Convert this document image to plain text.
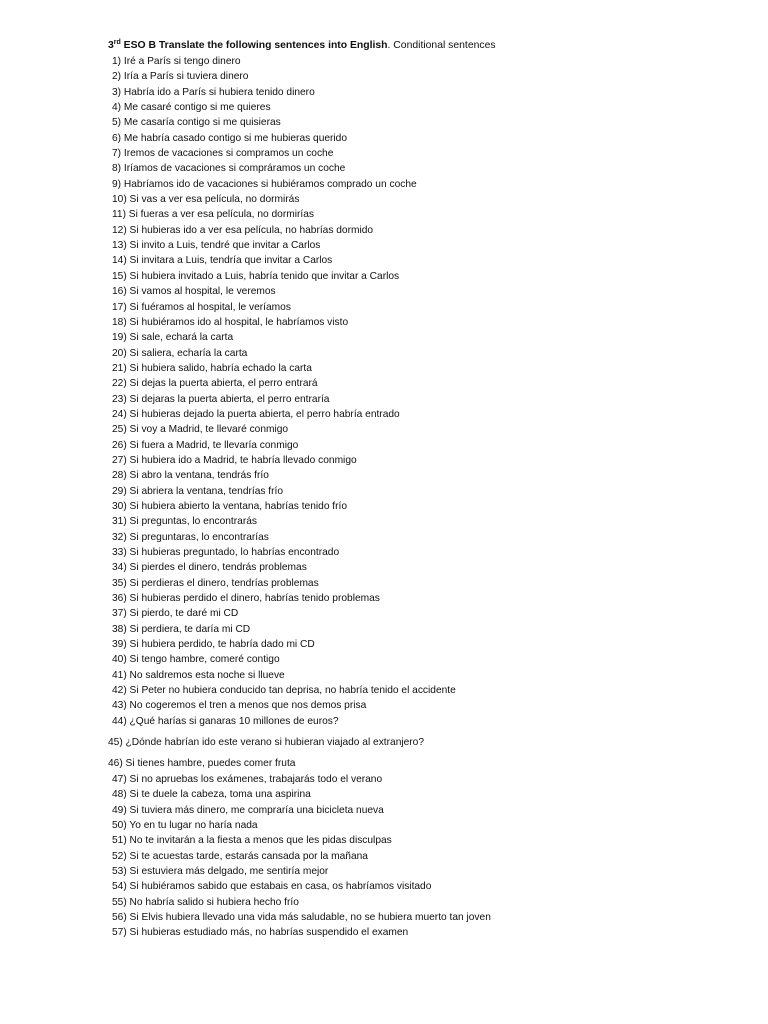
3rd ESO B Translate the following sentences into English. Conditional sentences
1) Iré a París si tengo dinero
2) Iría a París si tuviera dinero
3) Habría ido a París si hubiera tenido dinero
4) Me casaré contigo si me quieres
5) Me casaría contigo si me quisieras
6) Me habría casado contigo si me hubieras querido
7) Iremos de vacaciones si compramos un coche
8) Iríamos de vacaciones si compráramos un coche
9) Habríamos ido de vacaciones si hubiéramos comprado un coche
10) Si vas a ver esa película, no dormirás
11) Si fueras a ver esa película, no dormirías
12) Si hubieras ido a ver esa película, no habrías dormido
13) Si invito a Luis, tendré que invitar a Carlos
14) Si invitara a Luis, tendría que invitar a Carlos
15) Si hubiera invitado a Luis, habría tenido que invitar a Carlos
16) Si vamos al hospital, le veremos
17) Si fuéramos al hospital, le veríamos
18) Si hubiéramos ido al hospital, le habríamos visto
19) Si sale, echará la carta
20) Si saliera, echaría la carta
21) Si hubiera salido, habría echado la carta
22) Si dejas la puerta abierta, el perro entrará
23) Si dejaras la puerta abierta, el perro entraría
24) Si hubieras dejado la puerta abierta, el perro habría entrado
25) Si voy a Madrid, te llevaré conmigo
26) Si fuera a Madrid, te llevaría conmigo
27) Si hubiera ido a Madrid, te habría llevado conmigo
28) Si abro la ventana, tendrás frío
29) Si abriera la ventana, tendrías frío
30) Si hubiera abierto la ventana, habrías tenido frío
31) Si preguntas, lo encontrarás
32) Si preguntaras, lo encontrarías
33) Si hubieras preguntado, lo habrías encontrado
34) Si pierdes el dinero, tendrás problemas
35) Si perdieras el dinero, tendrías problemas
36) Si hubieras perdido el dinero, habrías tenido problemas
37) Si pierdo, te daré mi CD
38) Si perdiera, te daría mi CD
39) Si hubiera perdido, te habría dado mi CD
40) Si tengo hambre, comeré contigo
41) No saldremos esta noche si llueve
42) Si Peter no hubiera conducido tan deprisa, no habría tenido el accidente
43) No cogeremos el tren a menos que nos demos prisa
44) ¿Qué harías si ganaras 10 millones de euros?
45) ¿Dónde habrían ido este verano si hubieran viajado al extranjero?
46) Si tienes hambre, puedes comer fruta
47) Si no apruebas los exámenes, trabajarás todo el verano
48) Si te duele la cabeza, toma una aspirina
49) Si tuviera más dinero, me compraría una bicicleta nueva
50) Yo en tu lugar no haría nada
51) No te invitarán a la fiesta a menos que les pidas disculpas
52) Si te acuestas tarde, estarás cansada por la mañana
53) Si estuviera más delgado, me sentiría mejor
54) Si hubiéramos sabido que estabais en casa, os habríamos visitado
55) No habría salido si hubiera hecho frío
56) Si Elvis hubiera llevado una vida más saludable, no se hubiera muerto tan joven
57) Si hubieras estudiado más, no habrías suspendido el examen
